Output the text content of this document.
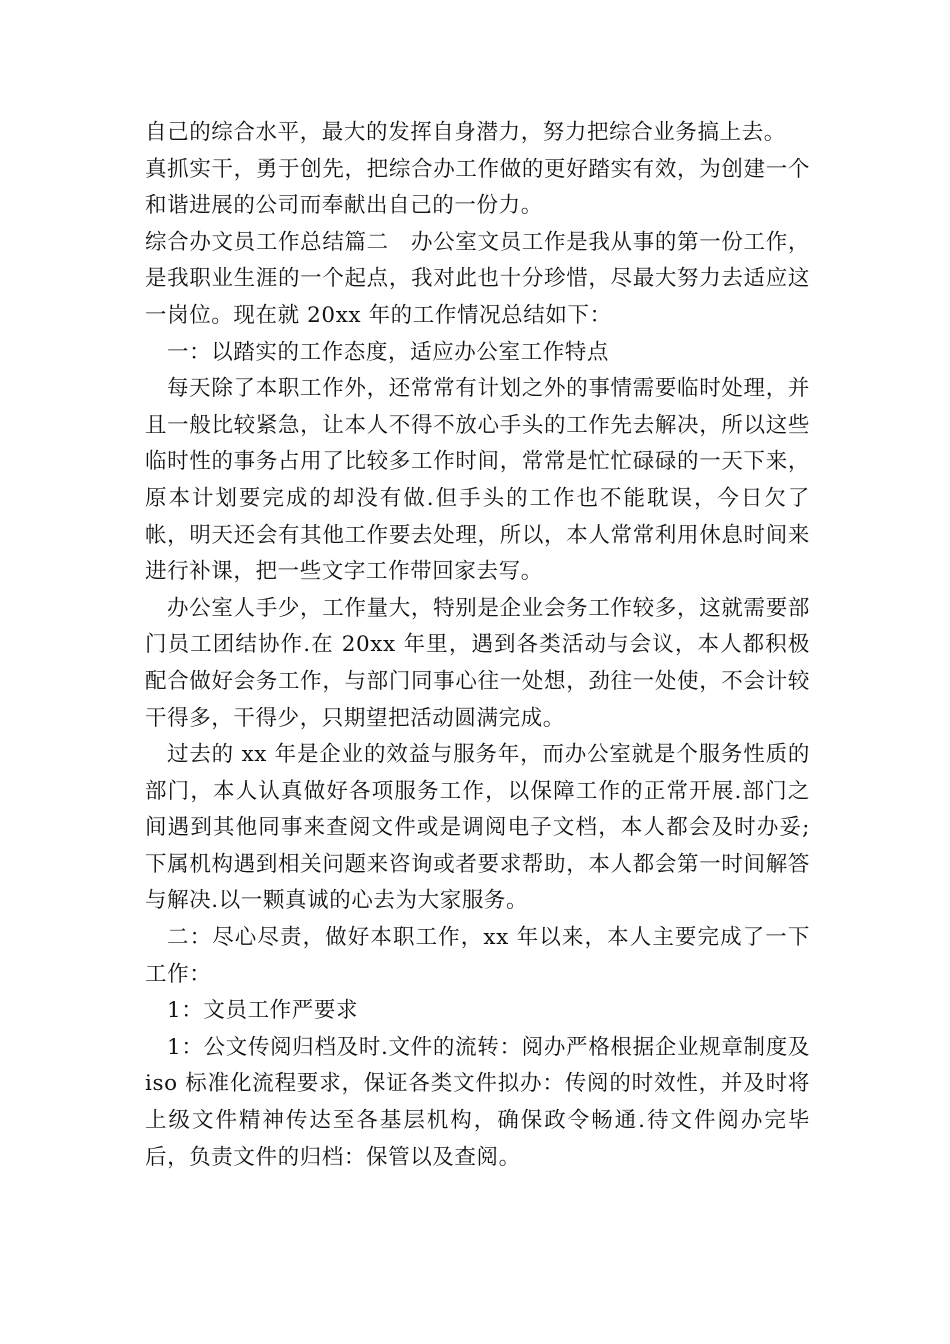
自己的综合水平，最大的发挥自身潜力，努力把综合业务搞上去。

真抓实干，勇于创先，把综合办工作做的更好踏实有效，为创建一个和谐进展的公司而奉献出自己的一份力。

综合办文员工作总结篇二　办公室文员工作是我从事的第一份工作，是我职业生涯的一个起点，我对此也十分珍惜，尽最大努力去适应这一岗位。现在就 20xx 年的工作情况总结如下：

一：以踏实的工作态度，适应办公室工作特点

每天除了本职工作外，还常常有计划之外的事情需要临时处理，并且一般比较紧急，让本人不得不放心手头的工作先去解决，所以这些临时性的事务占用了比较多工作时间，常常是忙忙碌碌的一天下来，原本计划要完成的却没有做.但手头的工作也不能耽误，今日欠了帐，明天还会有其他工作要去处理，所以，本人常常利用休息时间来进行补课，把一些文字工作带回家去写。

办公室人手少，工作量大，特别是企业会务工作较多，这就需要部门员工团结协作.在 20xx 年里，遇到各类活动与会议，本人都积极配合做好会务工作，与部门同事心往一处想，劲往一处使，不会计较干得多，干得少，只期望把活动圆满完成。

过去的 xx 年是企业的效益与服务年，而办公室就是个服务性质的部门，本人认真做好各项服务工作，以保障工作的正常开展.部门之间遇到其他同事来查阅文件或是调阅电子文档，本人都会及时办妥;下属机构遇到相关问题来咨询或者要求帮助，本人都会第一时间解答与解决.以一颗真诚的心去为大家服务。

二：尽心尽责，做好本职工作，xx 年以来，本人主要完成了一下工作：

1：文员工作严要求

1：公文传阅归档及时.文件的流转：阅办严格根据企业规章制度及 iso 标准化流程要求，保证各类文件拟办：传阅的时效性，并及时将上级文件精神传达至各基层机构，确保政令畅通.待文件阅办完毕后，负责文件的归档：保管以及查阅。
